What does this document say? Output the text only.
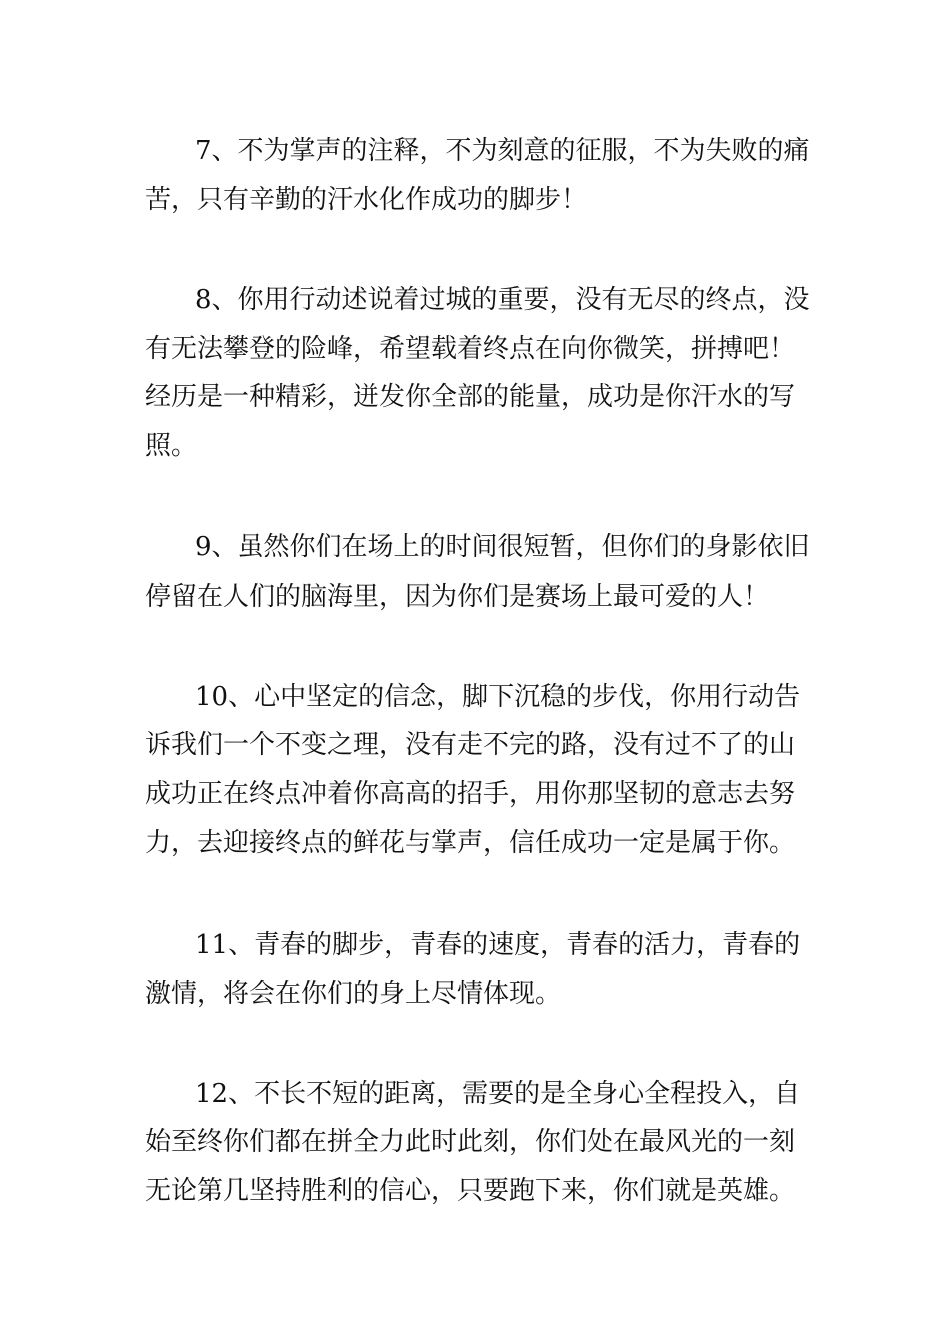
7、不为掌声的注释，不为刻意的征服，不为失败的痛
苦，只有辛勤的汗水化作成功的脚步！
8、你用行动述说着过城的重要，没有无尽的终点，没
有无法攀登的险峰，希望载着终点在向你微笑，拼搏吧！
经历是一种精彩，迸发你全部的能量，成功是你汗水的写
照。
9、虽然你们在场上的时间很短暂，但你们的身影依旧
停留在人们的脑海里，因为你们是赛场上最可爱的人！
10、心中坚定的信念，脚下沉稳的步伐，你用行动告
诉我们一个不变之理，没有走不完的路，没有过不了的山
成功正在终点冲着你高高的招手，用你那坚韧的意志去努
力，去迎接终点的鲜花与掌声，信任成功一定是属于你。
11、青春的脚步，青春的速度，青春的活力，青春的
激情，将会在你们的身上尽情体现。
12、不长不短的距离，需要的是全身心全程投入，自
始至终你们都在拼全力此时此刻，你们处在最风光的一刻
无论第几坚持胜利的信心，只要跑下来，你们就是英雄。
